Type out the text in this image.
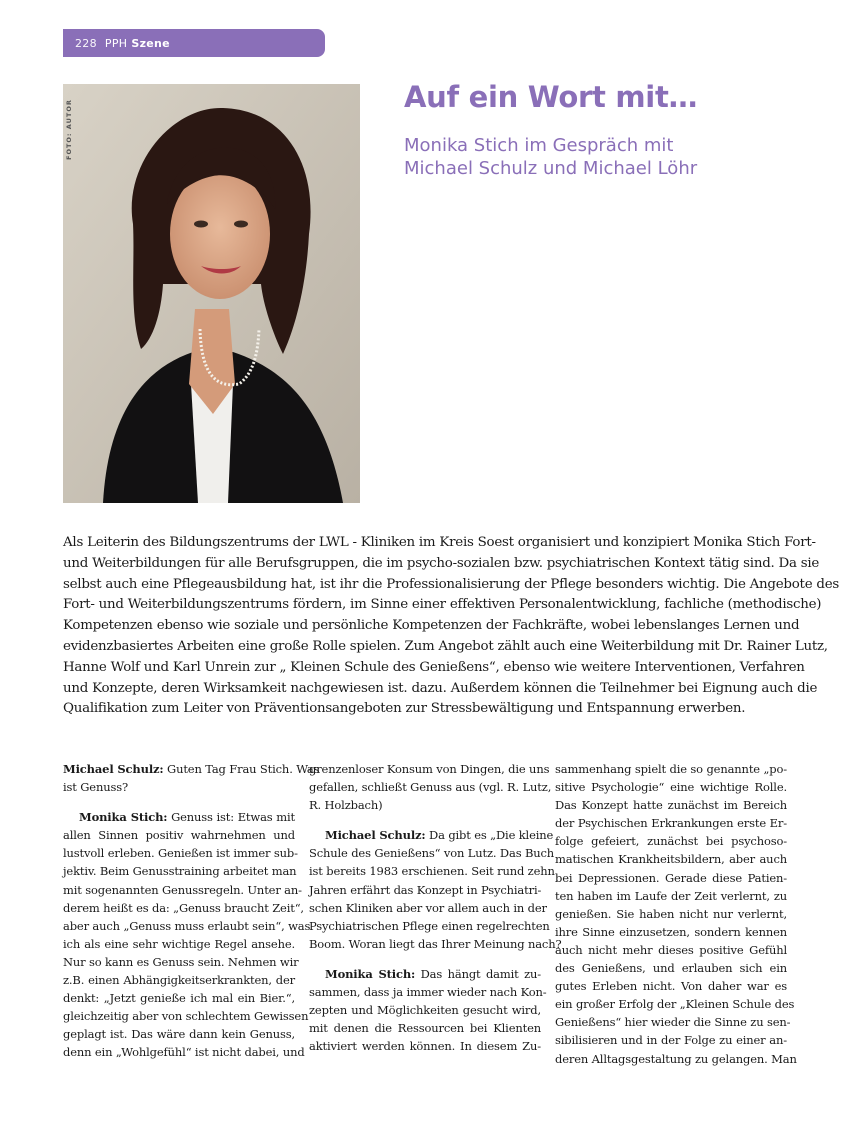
228 PPH Szene
FOTO: AUTOR
Auf ein Wort mit…
Monika Stich im Gespräch mit
Michael Schulz und Michael Löhr
Als Leiterin des Bildungszentrums der LWL - Kliniken im Kreis Soest organisiert und konzipiert Monika Stich Fort-
und Weiterbildungen für alle Berufsgruppen, die im psycho-sozialen bzw. psychiatrischen Kontext tätig sind. Da sie
selbst auch eine Pflegeausbildung hat, ist ihr die Professionalisierung der Pflege besonders wichtig. Die Angebote des
Fort- und Weiterbildungszentrums fördern, im Sinne einer effektiven Personalentwicklung, fachliche (methodische)
Kompetenzen ebenso wie soziale und persönliche Kompetenzen der Fachkräfte, wobei lebenslanges Lernen und
evidenzbasiertes Arbeiten eine große Rolle spielen. Zum Angebot zählt auch eine Weiterbildung mit Dr. Rainer Lutz,
Hanne Wolf und Karl Unrein zur „ Kleinen Schule des Genießens“, ebenso wie weitere Interventionen, Verfahren
und Konzepte, deren Wirksamkeit nachgewiesen ist. dazu. Außerdem können die Teilnehmer bei Eignung auch die
Qualifikation zum Leiter von Präventionsangeboten zur Stressbewältigung und Entspannung erwerben.
Michael Schulz: Guten Tag Frau Stich. Was
ist Genuss?
Monika Stich: Genuss ist: Etwas mit
allen Sinnen positiv wahrnehmen und
lustvoll erleben. Genießen ist immer sub-
jektiv. Beim Genusstraining arbeitet man
mit sogenannten Genussregeln. Unter an-
derem heißt es da: „Genuss braucht Zeit“,
aber auch „Genuss muss erlaubt sein“, was
ich als eine sehr wichtige Regel ansehe.
Nur so kann es Genuss sein. Nehmen wir
z.B. einen Abhängigkeitserkrankten, der
denkt: „Jetzt genieße ich mal ein Bier.“,
gleichzeitig aber von schlechtem Gewissen
geplagt ist. Das wäre dann kein Genuss,
denn ein „Wohlgefühl“ ist nicht dabei, und
grenzenloser Konsum von Dingen, die uns
gefallen, schließt Genuss aus (vgl. R. Lutz,
R. Holzbach)
Michael Schulz: Da gibt es „Die kleine
Schule des Genießens“ von Lutz. Das Buch
ist bereits 1983 erschienen. Seit rund zehn
Jahren erfährt das Konzept in Psychiatri-
schen Kliniken aber vor allem auch in der
Psychiatrischen Pflege einen regelrechten
Boom. Woran liegt das Ihrer Meinung nach?
Monika Stich: Das hängt damit zu-
sammen, dass ja immer wieder nach Kon-
zepten und Möglichkeiten gesucht wird,
mit denen die Ressourcen bei Klienten
aktiviert werden können. In diesem Zu-
sammenhang spielt die so genannte „po-
sitive Psychologie“ eine wichtige Rolle.
Das Konzept hatte zunächst im Bereich
der Psychischen Erkrankungen erste Er-
folge gefeiert, zunächst bei psychoso-
matischen Krankheitsbildern, aber auch
bei Depressionen. Gerade diese Patien-
ten haben im Laufe der Zeit verlernt, zu
genießen. Sie haben nicht nur verlernt,
ihre Sinne einzusetzen, sondern kennen
auch nicht mehr dieses positive Gefühl
des Genießens, und erlauben sich ein
gutes Erleben nicht. Von daher war es
ein großer Erfolg der „Kleinen Schule des
Genießens“ hier wieder die Sinne zu sen-
sibilisieren und in der Folge zu einer an-
deren Alltagsgestaltung zu gelangen. Man
